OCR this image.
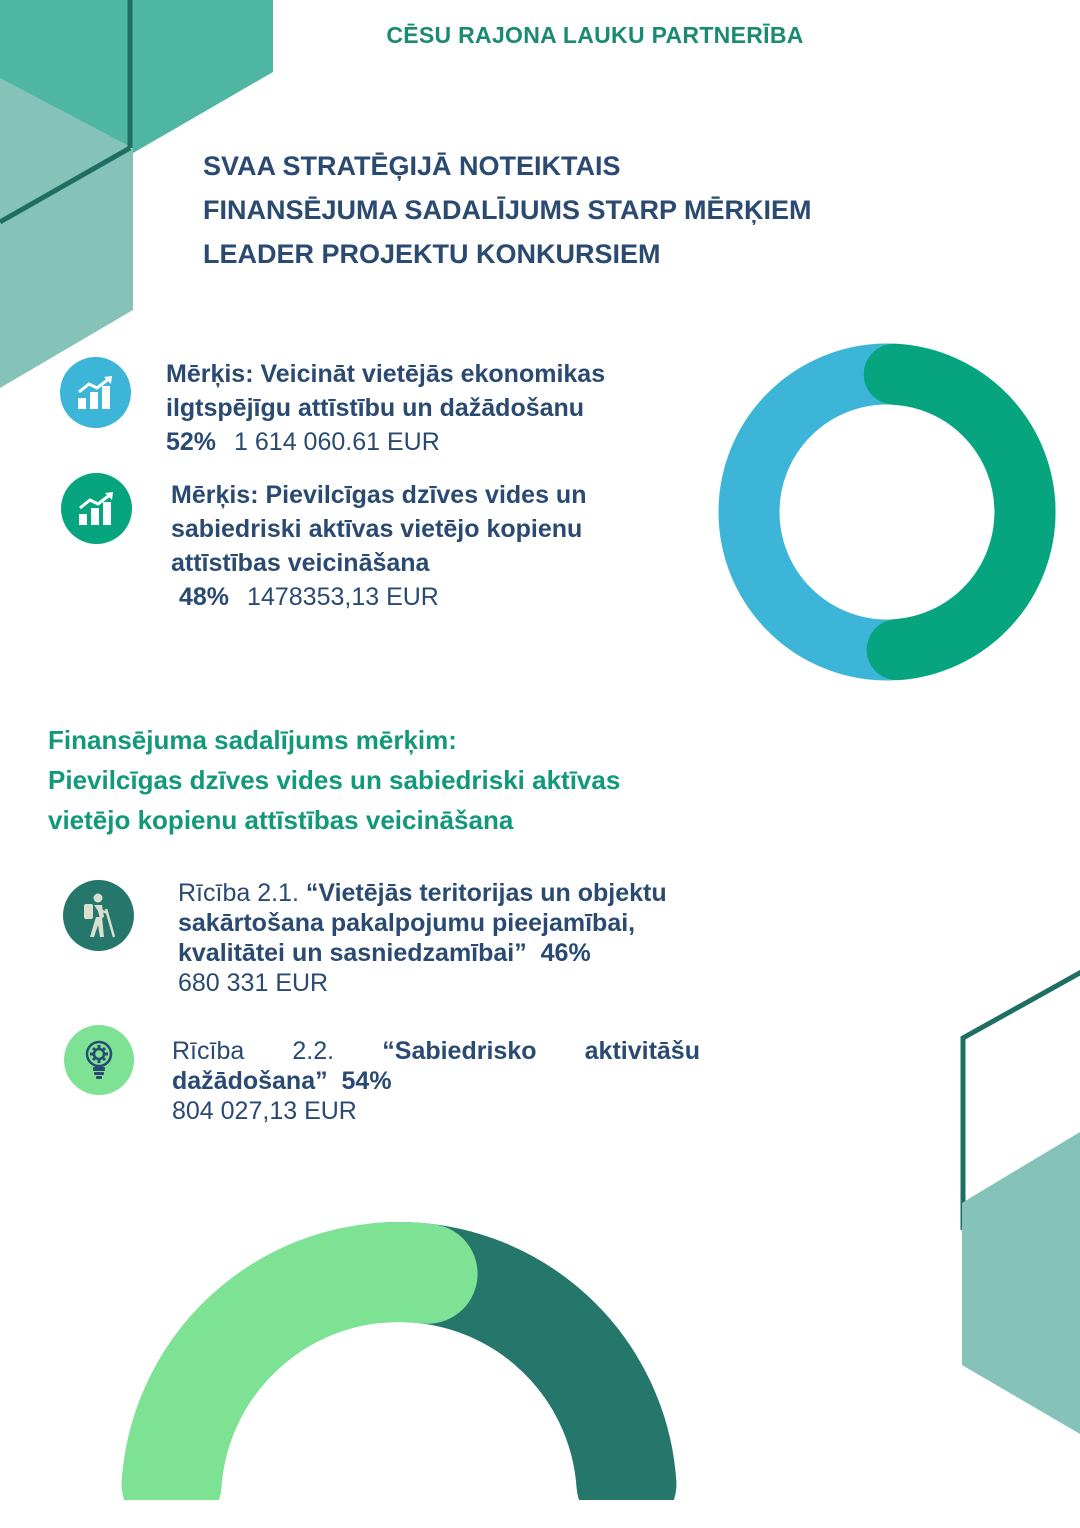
CĒSU RAJONA LAUKU PARTNERĪBA
SVAA STRATĒĢIJĀ NOTEIKTAIS
FINANSĒJUMA SADALĪJUMS STARP MĒRĶIEM
LEADER PROJEKTU KONKURSIEM
Mērķis: Veicināt vietējās ekonomikas
ilgtspējīgu attīstību un dažādošanu
52% 1 614 060.61 EUR
Mērķis: Pievilcīgas dzīves vides un
sabiedriski aktīvas vietējo kopienu
attīstības veicināšana
48% 1478353,13 EUR
Finansējuma sadalījums mērķim:
Pievilcīgas dzīves vides un sabiedriski aktīvas
vietējo kopienu attīstības veicināšana
Rīcība 2.1. “Vietējās teritorijas un objektu sakārtošana pakalpojumu pieejamībai, kvalitātei un sasniedzamībai” 46%
680 331 EUR
Rīcība 2.2. “Sabiedrisko aktivitāšu dažādošana” 54%
804 027,13 EUR
